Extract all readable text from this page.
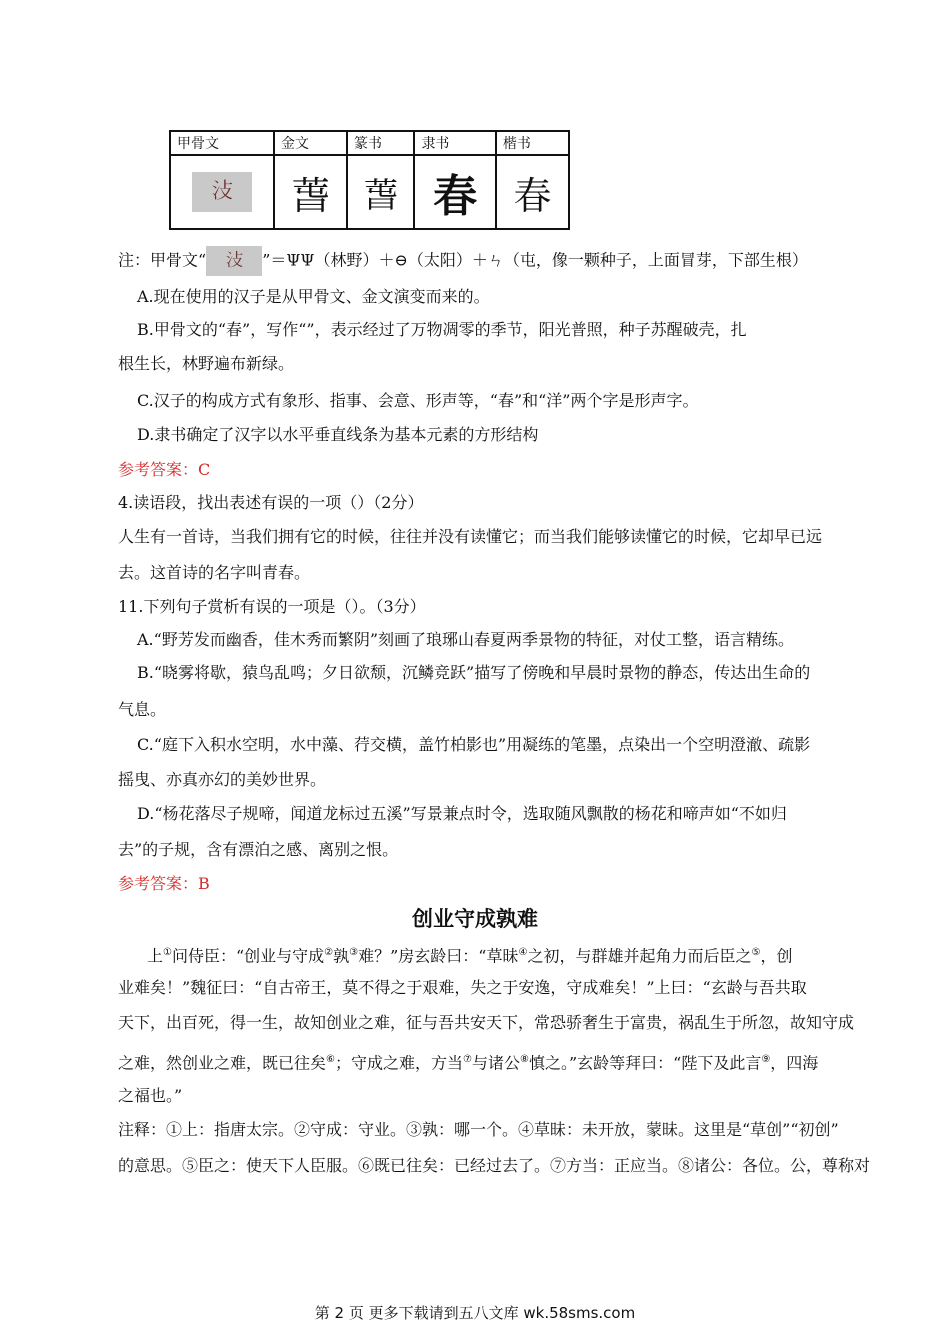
甲骨文	金文	篆书	隶书	楷书
𣲏	萅	萅	春	春
注：甲骨文“ 𣲏 ”＝ΨΨ（林野）＋⊖（太阳）＋ㄣ（屯，像一颗种子，上面冒芽，下部生根）
A.现在使用的汉子是从甲骨文、金文演变而来的。
B.甲骨文的“春”，写作“”，表示经过了万物凋零的季节，阳光普照，种子苏醒破壳，扎
根生长，林野遍布新绿。
C.汉子的构成方式有象形、指事、会意、形声等，“春”和“洋”两个字是形声字。
D.隶书确定了汉字以水平垂直线条为基本元素的方形结构
参考答案：C
4.读语段，找出表述有误的一项（）（2分）
人生有一首诗，当我们拥有它的时候，往往并没有读懂它；而当我们能够读懂它的时候，它却早已远
去。这首诗的名字叫青春。
11.下列句子赏析有误的一项是（）。（3分）
A.“野芳发而幽香，佳木秀而繁阴”刻画了琅琊山春夏两季景物的特征，对仗工整，语言精练。
B.“晓雾将歇，猿鸟乱鸣；夕日欲颓，沉鳞竞跃”描写了傍晚和早晨时景物的静态，传达出生命的
气息。
C.“庭下入积水空明，水中藻、荇交横，盖竹柏影也”用凝练的笔墨，点染出一个空明澄澈、疏影
摇曳、亦真亦幻的美妙世界。
D.“杨花落尽子规啼，闻道龙标过五溪”写景兼点时令，选取随风飘散的杨花和啼声如“不如归
去”的子规，含有漂泊之感、离别之恨。
参考答案：B
创业守成孰难
上①问侍臣：“创业与守成②孰③难？”房玄龄曰：“草昧④之初，与群雄并起角力而后臣之⑤，创
业难矣！”魏征曰：“自古帝王，莫不得之于艰难，失之于安逸，守成难矣！”上曰：“玄龄与吾共取
天下，出百死，得一生，故知创业之难，征与吾共安天下，常恐骄奢生于富贵，祸乱生于所忽，故知守成
之难，然创业之难，既已往矣⑥；守成之难，方当⑦与诸公⑧慎之。”玄龄等拜曰：“陛下及此言⑨，四海
之福也。”
注释：①上：指唐太宗。②守成：守业。③孰：哪一个。④草昧：未开放，蒙昧。这里是“草创”“初创”
的意思。⑤臣之：使天下人臣服。⑥既已往矣：已经过去了。⑦方当：正应当。⑧诸公：各位。公，尊称对
第 2 页 更多下载请到五八文库 wk.58sms.com
